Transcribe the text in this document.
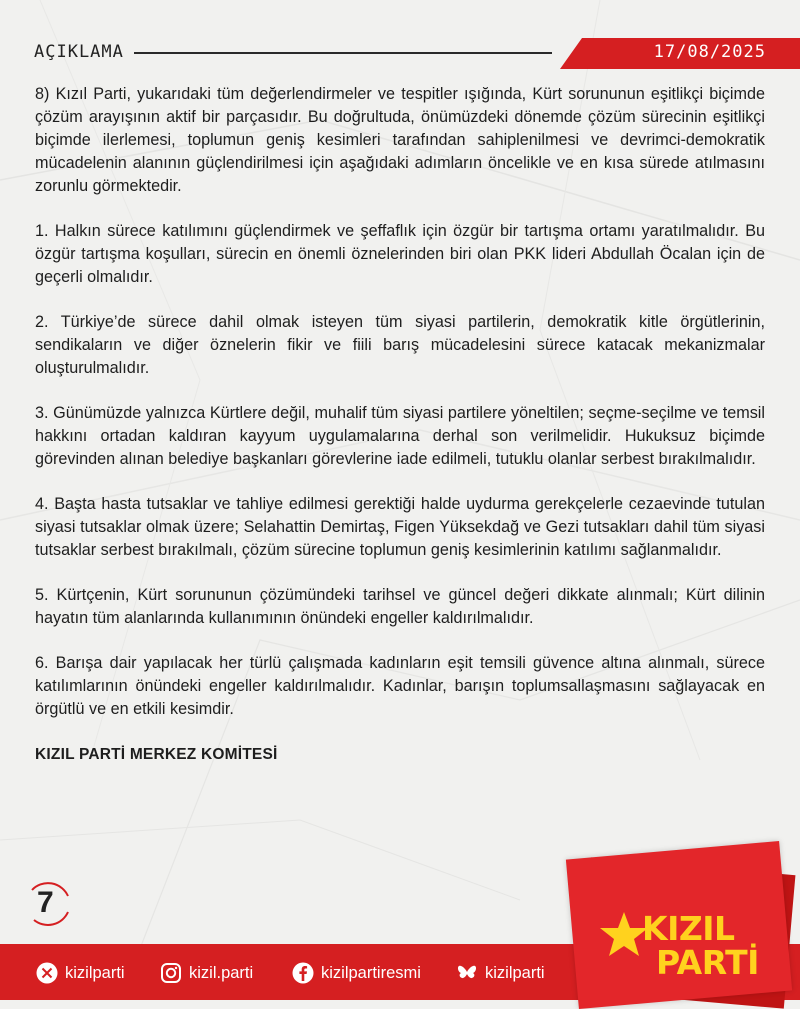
AÇIKLAMA	17/08/2025

8) Kızıl Parti, yukarıdaki tüm değerlendirmeler ve tespitler ışığında, Kürt sorununun eşitlikçi biçimde çözüm arayışının aktif bir parçasıdır. Bu doğrultuda, önümüzdeki dönemde çözüm sürecinin eşitlikçi biçimde ilerlemesi, toplumun geniş kesimleri tarafından sahiplenilmesi ve devrimci-demokratik mücadelenin alanının güçlendirilmesi için aşağıdaki adımların öncelikle ve en kısa sürede atılmasını zorunlu görmektedir.

1. Halkın sürece katılımını güçlendirmek ve şeffaflık için özgür bir tartışma ortamı yaratılmalıdır. Bu özgür tartışma koşulları, sürecin en önemli öznelerinden biri olan PKK lideri Abdullah Öcalan için de geçerli olmalıdır.

2. Türkiye’de sürece dahil olmak isteyen tüm siyasi partilerin, demokratik kitle örgütlerinin, sendikaların ve diğer öznelerin fikir ve fiili barış mücadelesini sürece katacak mekanizmalar oluşturulmalıdır.

3. Günümüzde yalnızca Kürtlere değil, muhalif tüm siyasi partilere yöneltilen; seçme-seçilme ve temsil hakkını ortadan kaldıran kayyum uygulamalarına derhal son verilmelidir. Hukuksuz biçimde görevinden alınan belediye başkanları görevlerine iade edilmeli, tutuklu olanlar serbest bırakılmalıdır.

4. Başta hasta tutsaklar ve tahliye edilmesi gerektiği halde uydurma gerekçelerle cezaevinde tutulan siyasi tutsaklar olmak üzere; Selahattin Demirtaş, Figen Yüksekdağ ve Gezi tutsakları dahil tüm siyasi tutsaklar serbest bırakılmalı, çözüm sürecine toplumun geniş kesimlerinin katılımı sağlanmalıdır.

5. Kürtçenin, Kürt sorununun çözümündeki tarihsel ve güncel değeri dikkate alınmalı; Kürt dilinin hayatın tüm alanlarında kullanımının önündeki engeller kaldırılmalıdır.

6. Barışa dair yapılacak her türlü çalışmada kadınların eşit temsili güvence altına alınmalı, sürece katılımlarının önündeki engeller kaldırılmalıdır. Kadınlar, barışın toplumsallaşmasını sağlayacak en örgütlü ve en etkili kesimdir.

KIZIL PARTİ MERKEZ KOMİTESİ
7
kizilparti	kizil.parti	kizilpartiresmi	kizilparti
KIZIL
PARTİ
